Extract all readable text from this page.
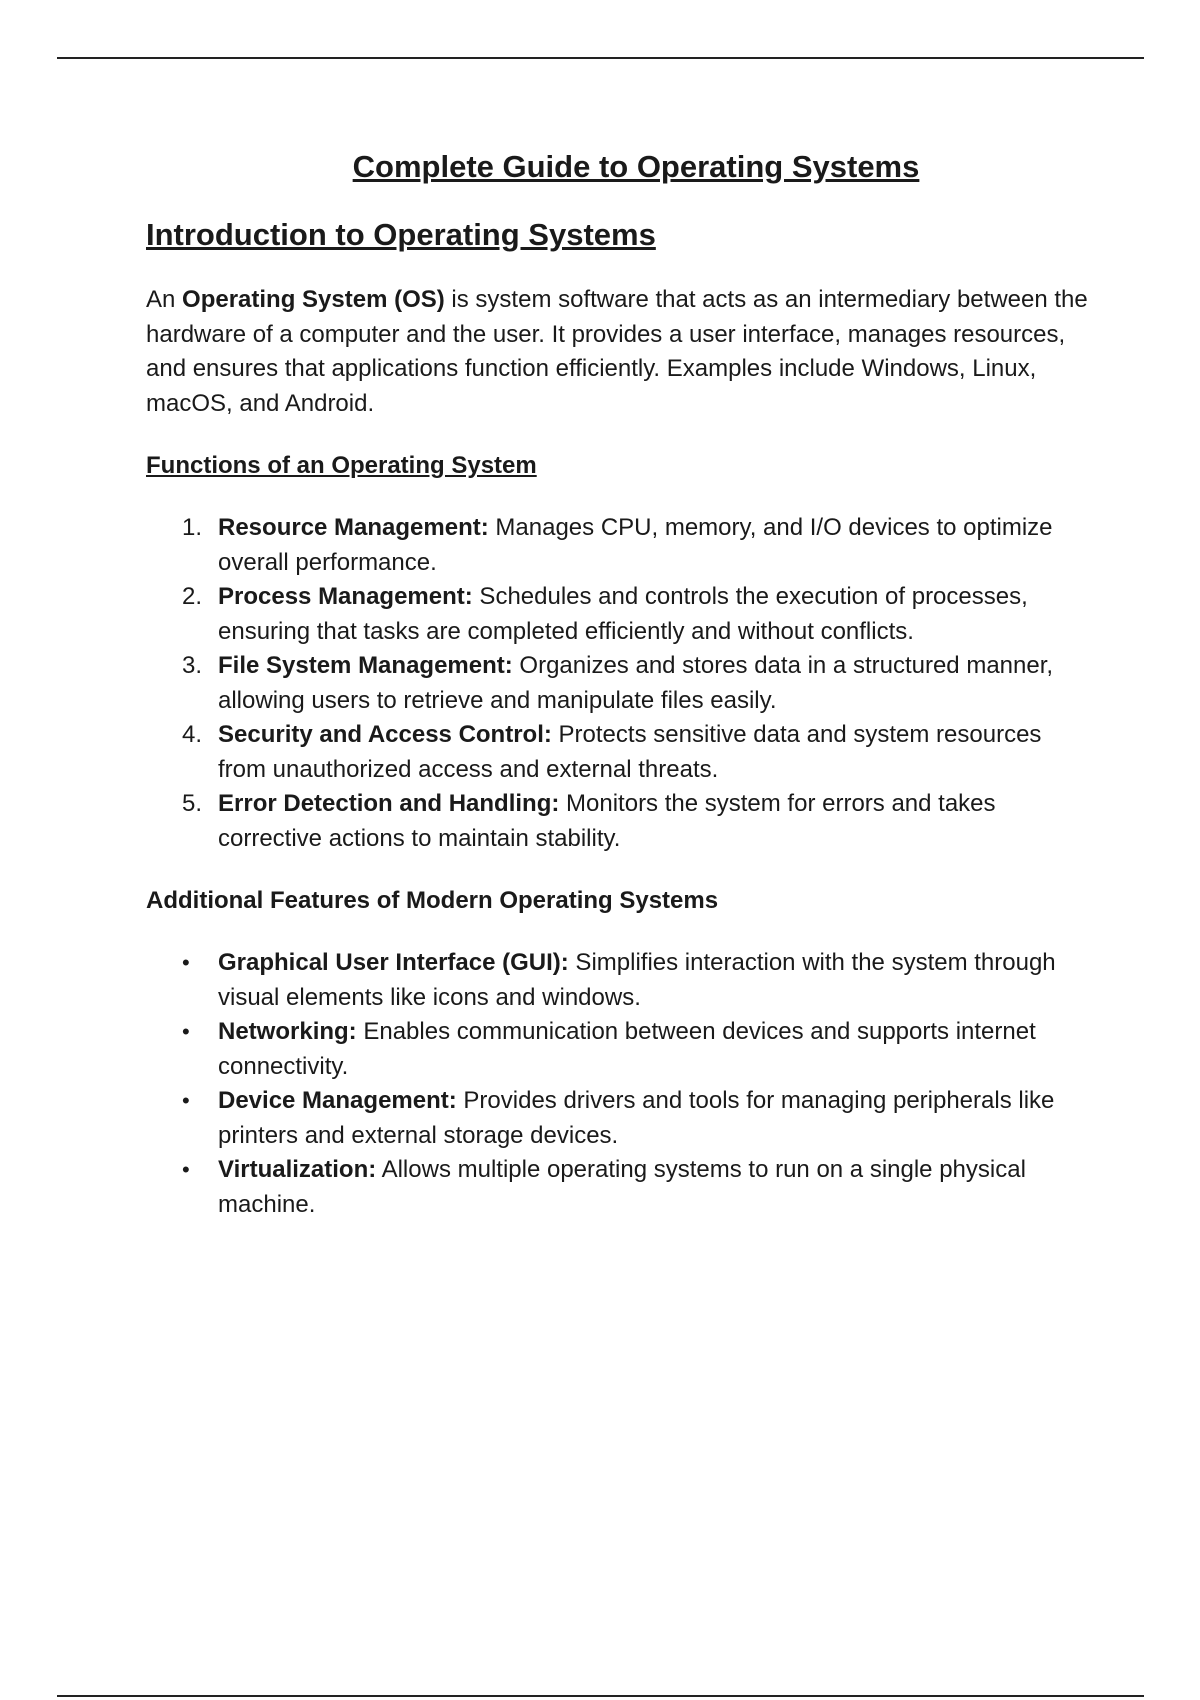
Complete Guide to Operating Systems
Introduction to Operating Systems

An Operating System (OS) is system software that acts as an intermediary between the hardware of a computer and the user. It provides a user interface, manages resources, and ensures that applications function efficiently. Examples include Windows, Linux, macOS, and Android.

Functions of an Operating System
1. Resource Management: Manages CPU, memory, and I/O devices to optimize overall performance.
2. Process Management: Schedules and controls the execution of processes, ensuring that tasks are completed efficiently and without conflicts.
3. File System Management: Organizes and stores data in a structured manner, allowing users to retrieve and manipulate files easily.
4. Security and Access Control: Protects sensitive data and system resources from unauthorized access and external threats.
5. Error Detection and Handling: Monitors the system for errors and takes corrective actions to maintain stability.
Additional Features of Modern Operating Systems
•	Graphical User Interface (GUI): Simplifies interaction with the system through visual elements like icons and windows.
•	Networking: Enables communication between devices and supports internet connectivity.
•	Device Management: Provides drivers and tools for managing peripherals like printers and external storage devices.
•	Virtualization: Allows multiple operating systems to run on a single physical machine.
